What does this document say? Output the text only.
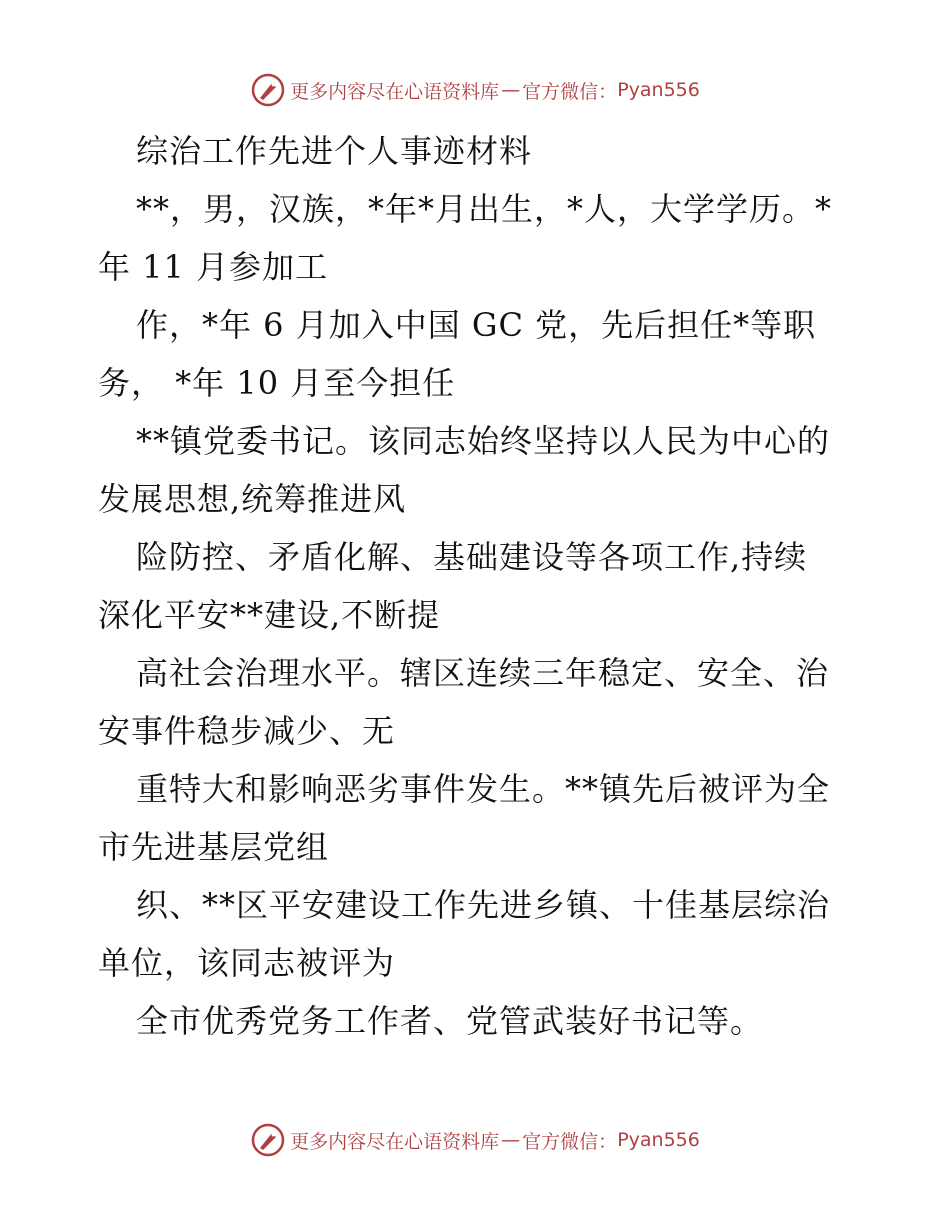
更多内容尽在心语资料库 — 官方微信： Pyan556
综治工作先进个人事迹材料
**，男，汉族，*年*月出生，*人，大学学历。*
年 11 月参加工
作，*年 6 月加入中国 GC 党，先后担任*等职
务， *年 10 月至今担任
**镇党委书记。该同志始终坚持以人民为中心的
发展思想,统筹推进风
险防控、矛盾化解、基础建设等各项工作,持续
深化平安**建设,不断提
高社会治理水平。辖区连续三年稳定、安全、治
安事件稳步减少、无
重特大和影响恶劣事件发生。**镇先后被评为全
市先进基层党组
织、**区平安建设工作先进乡镇、十佳基层综治
单位，该同志被评为
全市优秀党务工作者、党管武装好书记等。
更多内容尽在心语资料库 — 官方微信： Pyan556
